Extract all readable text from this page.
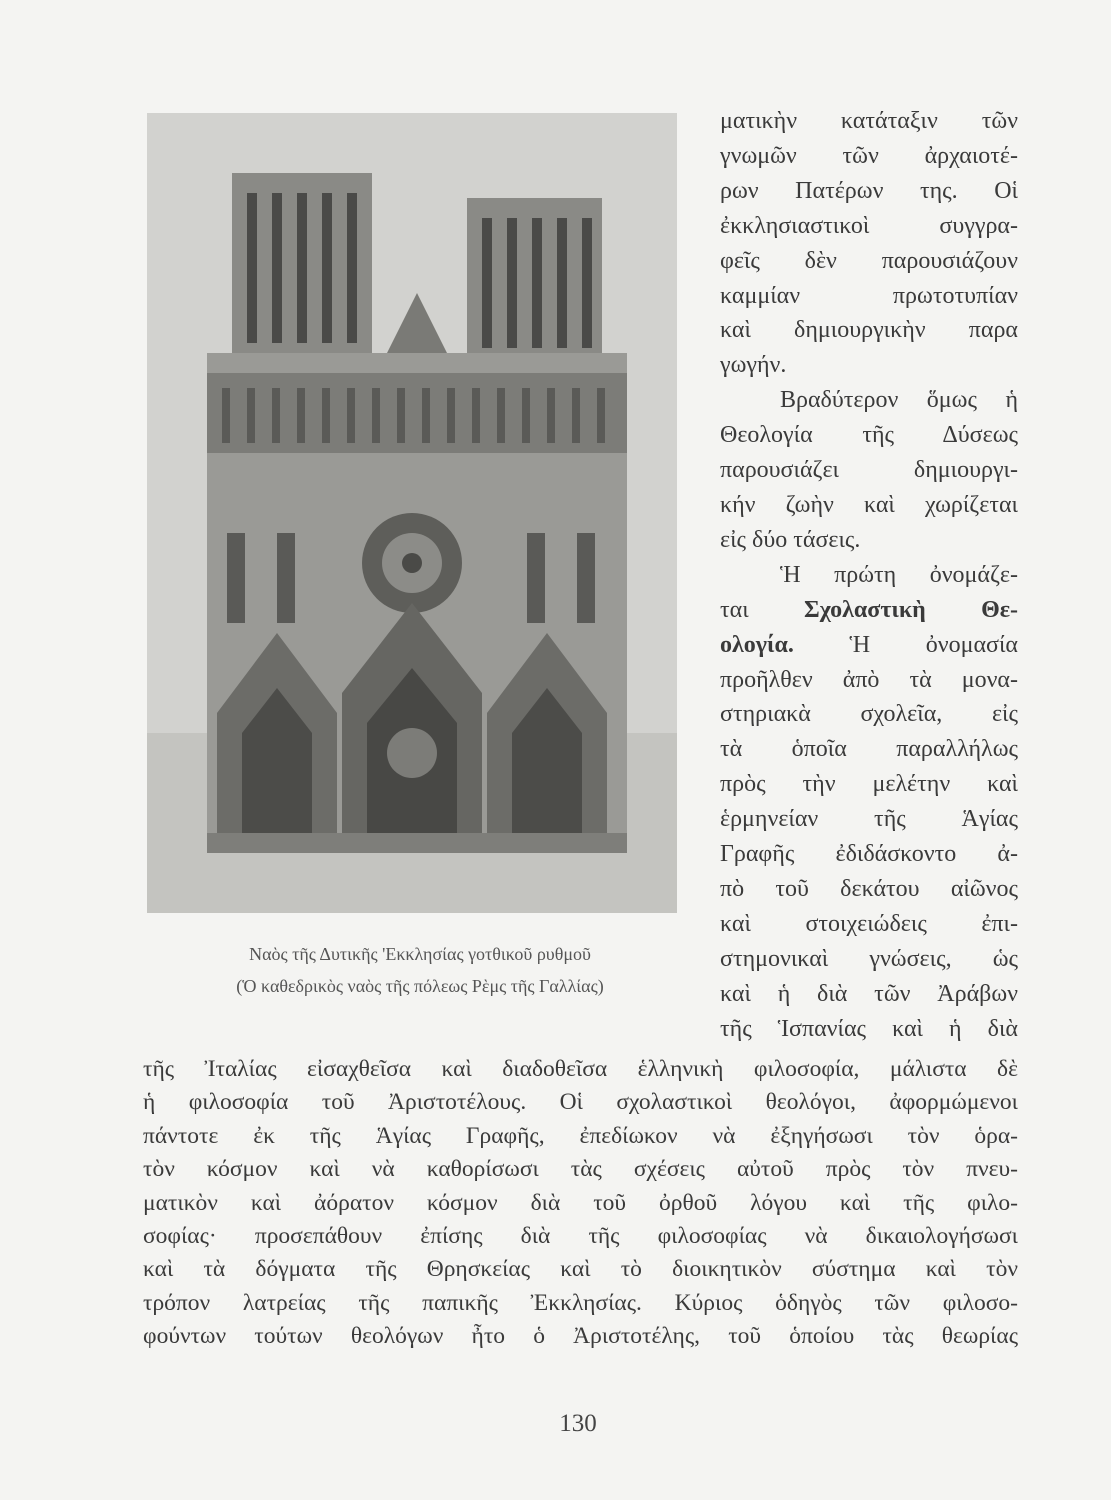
ματικὴν κατάταξιν τῶν
γνωμῶν τῶν ἀρχαιοτέ-
ρων Πατέρων της. Οἱ
ἐκκλησιαστικοὶ συγγρα-
φεῖς δὲν παρουσιάζουν
καμμίαν πρωτοτυπίαν
καὶ δημιουργικὴν παρα
γωγήν.
Βραδύτερον ὅμως ἡ
Θεολογία τῆς Δύσεως
παρουσιάζει δημιουργι-
κήν ζωὴν καὶ χωρίζεται
εἰς δύο τάσεις.
Ἡ πρώτη ὀνομάζε-
ται Σχολαστικὴ Θε-
ολογία. Ἡ ὀνομασία
προῆλθεν ἀπὸ τὰ μονα-
στηριακὰ σχολεῖα, εἰς
τὰ ὁποῖα παραλλήλως
πρὸς τὴν μελέτην καὶ
ἑρμηνείαν τῆς Ἁγίας
Γραφῆς ἐδιδάσκοντο ἀ-
πὸ τοῦ δεκάτου αἰῶνος
καὶ στοιχειώδεις ἐπι-
στημονικαὶ γνώσεις, ὡς
καὶ ἡ διὰ τῶν Ἀράβων
τῆς Ἱσπανίας καὶ ἡ διὰ
Ναὸς τῆς Δυτικῆς 'Εκκλησίας γοτθικοῦ ρυθμοῦ
(Ὁ καθεδρικὸς ναὸς τῆς πόλεως Ρὲμς τῆς Γαλλίας)
τῆς Ἰταλίας εἰσαχθεῖσα καὶ διαδοθεῖσα ἑλληνικὴ φιλοσοφία, μάλιστα δὲ
ἡ φιλοσοφία τοῦ Ἀριστοτέλους. Οἱ σχολαστικοὶ θεολόγοι, ἀφορμώμενοι
πάντοτε ἐκ τῆς Ἁγίας Γραφῆς, ἐπεδίωκον νὰ ἐξηγήσωσι τὸν ὁρα-
τὸν κόσμον καὶ νὰ καθορίσωσι τὰς σχέσεις αὐτοῦ πρὸς τὸν πνευ-
ματικὸν καὶ ἀόρατον κόσμον διὰ τοῦ ὀρθοῦ λόγου καὶ τῆς φιλο-
σοφίας· προσεπάθουν ἐπίσης διὰ τῆς φιλοσοφίας νὰ δικαιολογήσωσι
καὶ τὰ δόγματα τῆς Θρησκείας καὶ τὸ διοικητικὸν σύστημα καὶ τὸν
τρόπον λατρείας τῆς παπικῆς Ἐκκλησίας. Κύριος ὁδηγὸς τῶν φιλοσο-
φούντων τούτων θεολόγων ἦτο ὁ Ἀριστοτέλης, τοῦ ὁποίου τὰς θεωρίας
130
